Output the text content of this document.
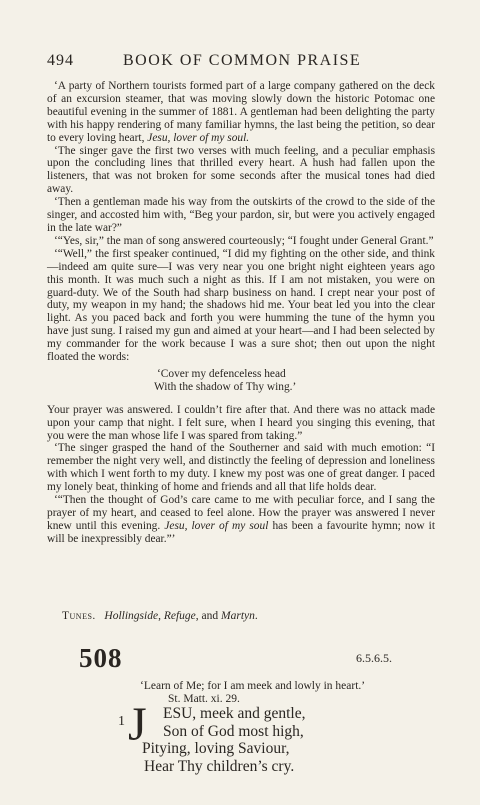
494	BOOK OF COMMON PRAISE

‘A party of Northern tourists formed part of a large company gathered on the deck of an excursion steamer, that was moving slowly down the historic Potomac one beautiful evening in the summer of 1881. A gentleman had been delighting the party with his happy rendering of many familiar hymns, the last being the petition, so dear to every loving heart, Jesu, lover of my soul.

‘The singer gave the first two verses with much feeling, and a peculiar emphasis upon the concluding lines that thrilled every heart. A hush had fallen upon the listeners, that was not broken for some seconds after the musical tones had died away.

‘Then a gentleman made his way from the outskirts of the crowd to the side of the singer, and accosted him with, “Beg your pardon, sir, but were you actively engaged in the late war?”

‘“Yes, sir,” the man of song answered courteously; “I fought under General Grant.”

‘“Well,” the first speaker continued, “I did my fighting on the other side, and think—indeed am quite sure—I was very near you one bright night eighteen years ago this month. It was much such a night as this. If I am not mistaken, you were on guard-duty. We of the South had sharp business on hand. I crept near your post of duty, my weapon in my hand; the shadows hid me. Your beat led you into the clear light. As you paced back and forth you were humming the tune of the hymn you have just sung. I raised my gun and aimed at your heart—and I had been selected by my commander for the work because I was a sure shot; then out upon the night floated the words:

‘Cover my defenceless head

With the shadow of Thy wing.’

Your prayer was answered. I couldn’t fire after that. And there was no attack made upon your camp that night. I felt sure, when I heard you singing this evening, that you were the man whose life I was spared from taking.”

‘The singer grasped the hand of the Southerner and said with much emotion: “I remember the night very well, and distinctly the feeling of depression and loneliness with which I went forth to my duty. I knew my post was one of great danger. I paced my lonely beat, thinking of home and friends and all that life holds dear.

‘“Then the thought of God’s care came to me with peculiar force, and I sang the prayer of my heart, and ceased to feel alone. How the prayer was answered I never knew until this evening. Jesu, lover of my soul has been a favourite hymn; now it will be inexpressibly dear.”’

Tunes. Hollingside, Refuge, and Martyn.
508	6.5.6.5.
‘Learn of Me; for I am meek and lowly in heart.’
St. Matt. xi. 29.
1 J ESU, meek and gentle,
Son of God most high,
Pitying, loving Saviour,
Hear Thy children’s cry.
